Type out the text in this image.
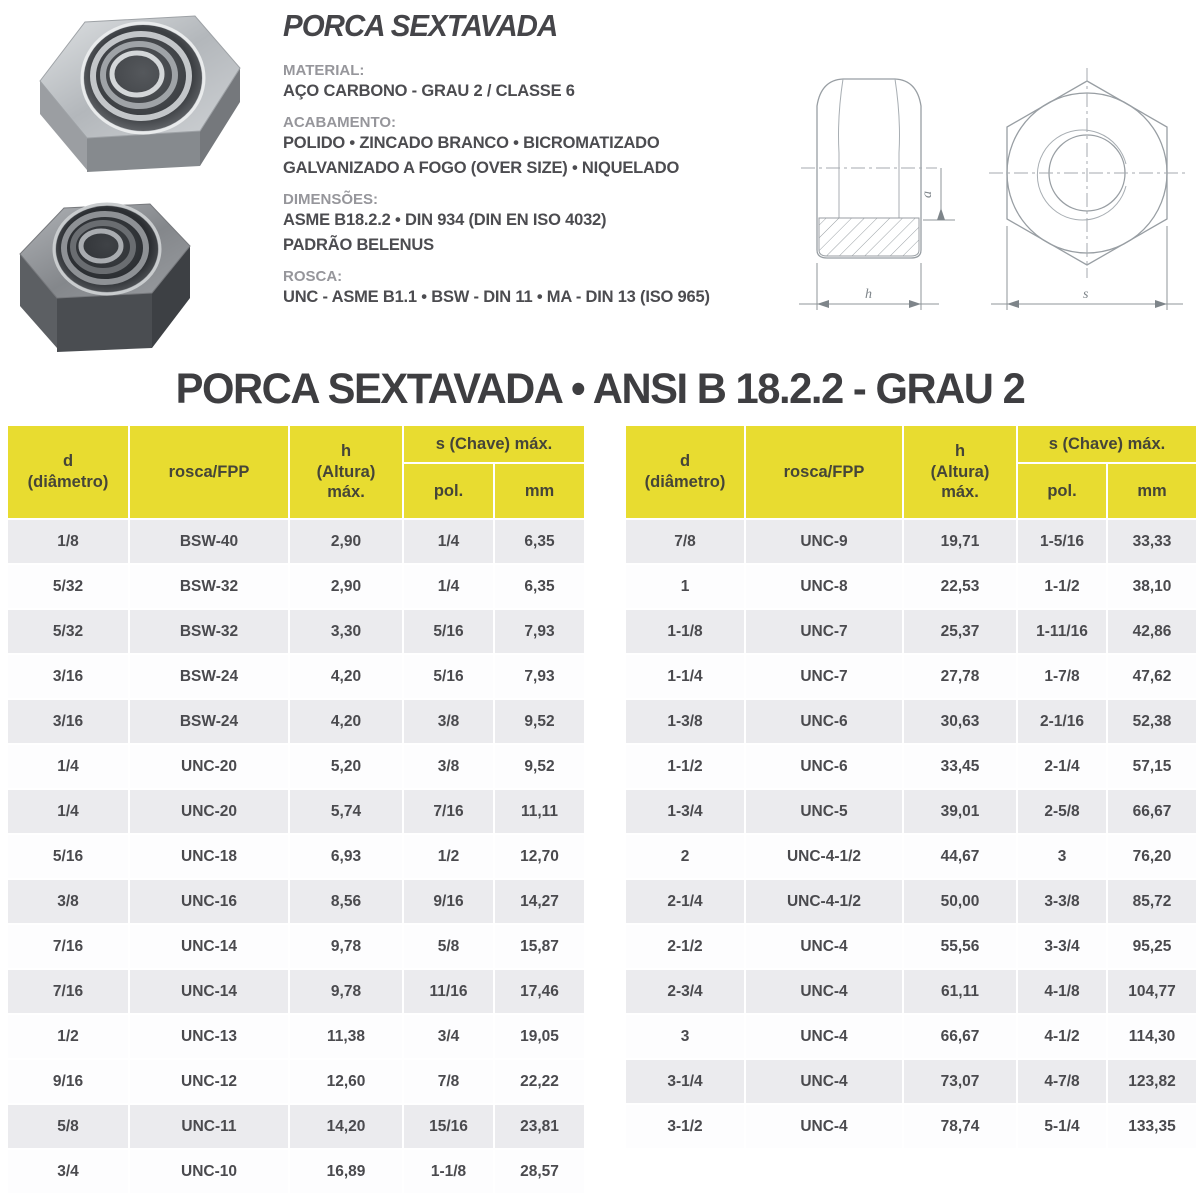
PORCA SEXTAVADA
MATERIAL:
AÇO CARBONO - GRAU 2 / CLASSE 6
ACABAMENTO:
POLIDO • ZINCADO BRANCO • BICROMATIZADO
GALVANIZADO A FOGO (OVER SIZE) • NIQUELADO
DIMENSÕES:
ASME B18.2.2 • DIN 934 (DIN EN ISO 4032)
PADRÃO BELENUS
ROSCA:
UNC - ASME B1.1 • BSW - DIN 11 • MA - DIN 13 (ISO 965)
a
h	s
PORCA SEXTAVADA • ANSI B 18.2.2 - GRAU 2
d
(diâmetro)	rosca/FPP	h
(Altura)
máx.	s (Chave) máx.	
			pol.	mm
1/8	BSW-40	2,90	1/4	6,35
5/32	BSW-32	2,90	1/4	6,35
5/32	BSW-32	3,30	5/16	7,93
3/16	BSW-24	4,20	5/16	7,93
3/16	BSW-24	4,20	3/8	9,52
1/4	UNC-20	5,20	3/8	9,52
1/4	UNC-20	5,74	7/16	11,11
5/16	UNC-18	6,93	1/2	12,70
3/8	UNC-16	8,56	9/16	14,27
7/16	UNC-14	9,78	5/8	15,87
7/16	UNC-14	9,78	11/16	17,46
1/2	UNC-13	11,38	3/4	19,05
9/16	UNC-12	12,60	7/8	22,22
5/8	UNC-11	14,20	15/16	23,81
3/4	UNC-10	16,89	1-1/8	28,57
d
(diâmetro)	rosca/FPP	h
(Altura)
máx.	s (Chave) máx.	
			pol.	mm
7/8	UNC-9	19,71	1-5/16	33,33
1	UNC-8	22,53	1-1/2	38,10
1-1/8	UNC-7	25,37	1-11/16	42,86
1-1/4	UNC-7	27,78	1-7/8	47,62
1-3/8	UNC-6	30,63	2-1/16	52,38
1-1/2	UNC-6	33,45	2-1/4	57,15
1-3/4	UNC-5	39,01	2-5/8	66,67
2	UNC-4-1/2	44,67	3	76,20
2-1/4	UNC-4-1/2	50,00	3-3/8	85,72
2-1/2	UNC-4	55,56	3-3/4	95,25
2-3/4	UNC-4	61,11	4-1/8	104,77
3	UNC-4	66,67	4-1/2	114,30
3-1/4	UNC-4	73,07	4-7/8	123,82
3-1/2	UNC-4	78,74	5-1/4	133,35
